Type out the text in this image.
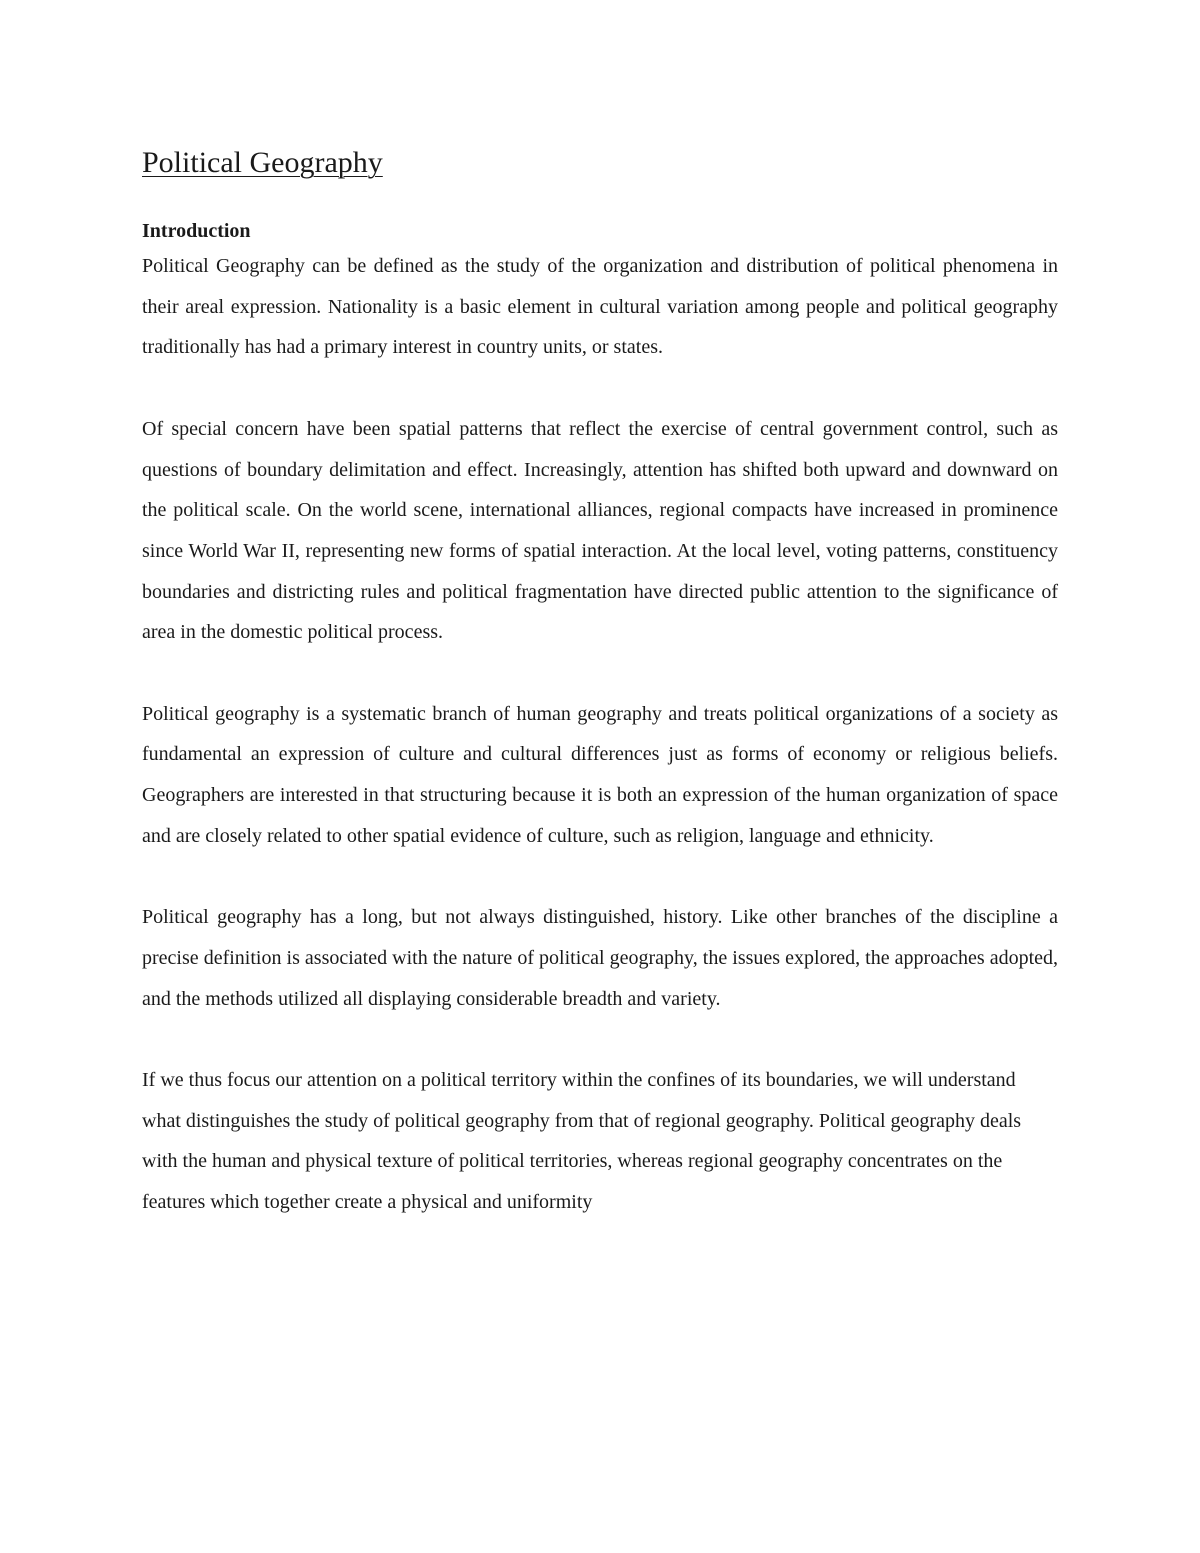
Political Geography
Introduction

Political Geography can be defined as the study of the organization and distribution of political phenomena in their areal expression. Nationality is a basic element in cultural variation among people and political geography traditionally has had a primary interest in country units, or states.

Of special concern have been spatial patterns that reflect the exercise of central government control, such as questions of boundary delimitation and effect. Increasingly, attention has shifted both upward and downward on the political scale. On the world scene, international alliances, regional compacts have increased in prominence since World War II, representing new forms of spatial interaction. At the local level, voting patterns, constituency boundaries and districting rules and political fragmentation have directed public attention to the significance of area in the domestic political process.

Political geography is a systematic branch of human geography and treats political organizations of a society as fundamental an expression of culture and cultural differences just as forms of economy or religious beliefs. Geographers are interested in that structuring because it is both an expression of the human organization of space and are closely related to other spatial evidence of culture, such as religion, language and ethnicity.

Political geography has a long, but not always distinguished, history. Like other branches of the discipline a precise definition is associated with the nature of political geography, the issues explored, the approaches adopted, and the methods utilized all displaying considerable breadth and variety.

If we thus focus our attention on a political territory within the confines of its boundaries, we will understand what distinguishes the study of political geography from that of regional geography. Political geography deals with the human and physical texture of political territories, whereas regional geography concentrates on the features which together create a physical and uniformity
